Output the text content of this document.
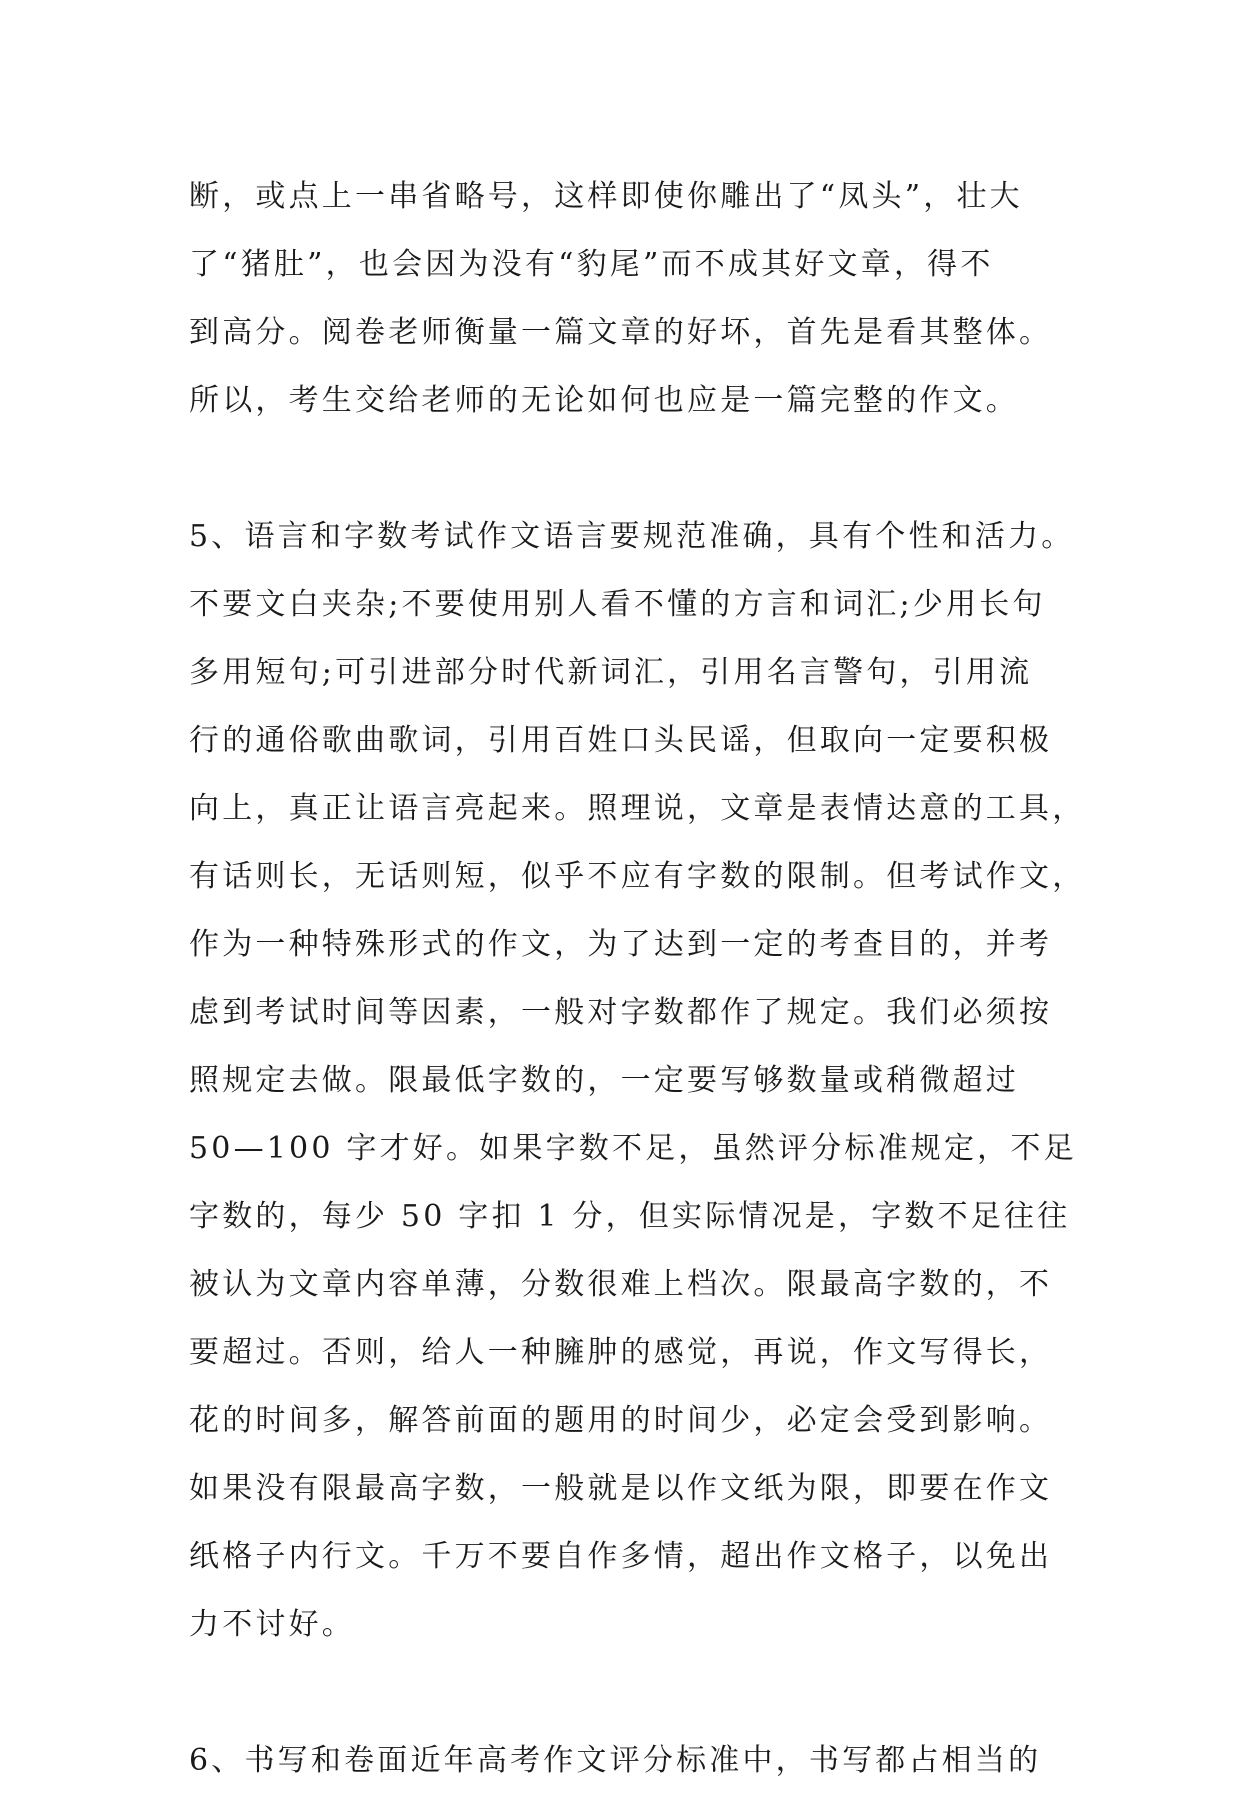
断，或点上一串省略号，这样即使你雕出了“凤头”，壮大
了“猪肚”，也会因为没有“豹尾”而不成其好文章，得不
到高分。阅卷老师衡量一篇文章的好坏，首先是看其整体。
所以，考生交给老师的无论如何也应是一篇完整的作文。
5、语言和字数考试作文语言要规范准确，具有个性和活力。
不要文白夹杂;不要使用别人看不懂的方言和词汇;少用长句
多用短句;可引进部分时代新词汇，引用名言警句，引用流
行的通俗歌曲歌词，引用百姓口头民谣，但取向一定要积极
向上，真正让语言亮起来。照理说，文章是表情达意的工具，
有话则长，无话则短，似乎不应有字数的限制。但考试作文，
作为一种特殊形式的作文，为了达到一定的考查目的，并考
虑到考试时间等因素，一般对字数都作了规定。我们必须按
照规定去做。限最低字数的，一定要写够数量或稍微超过
50—100 字才好。如果字数不足，虽然评分标准规定，不足
字数的，每少 50 字扣 1 分，但实际情况是，字数不足往往
被认为文章内容单薄，分数很难上档次。限最高字数的，不
要超过。否则，给人一种臃肿的感觉，再说，作文写得长，
花的时间多，解答前面的题用的时间少，必定会受到影响。
如果没有限最高字数，一般就是以作文纸为限，即要在作文
纸格子内行文。千万不要自作多情，超出作文格子，以免出
力不讨好。
6、书写和卷面近年高考作文评分标准中，书写都占相当的
